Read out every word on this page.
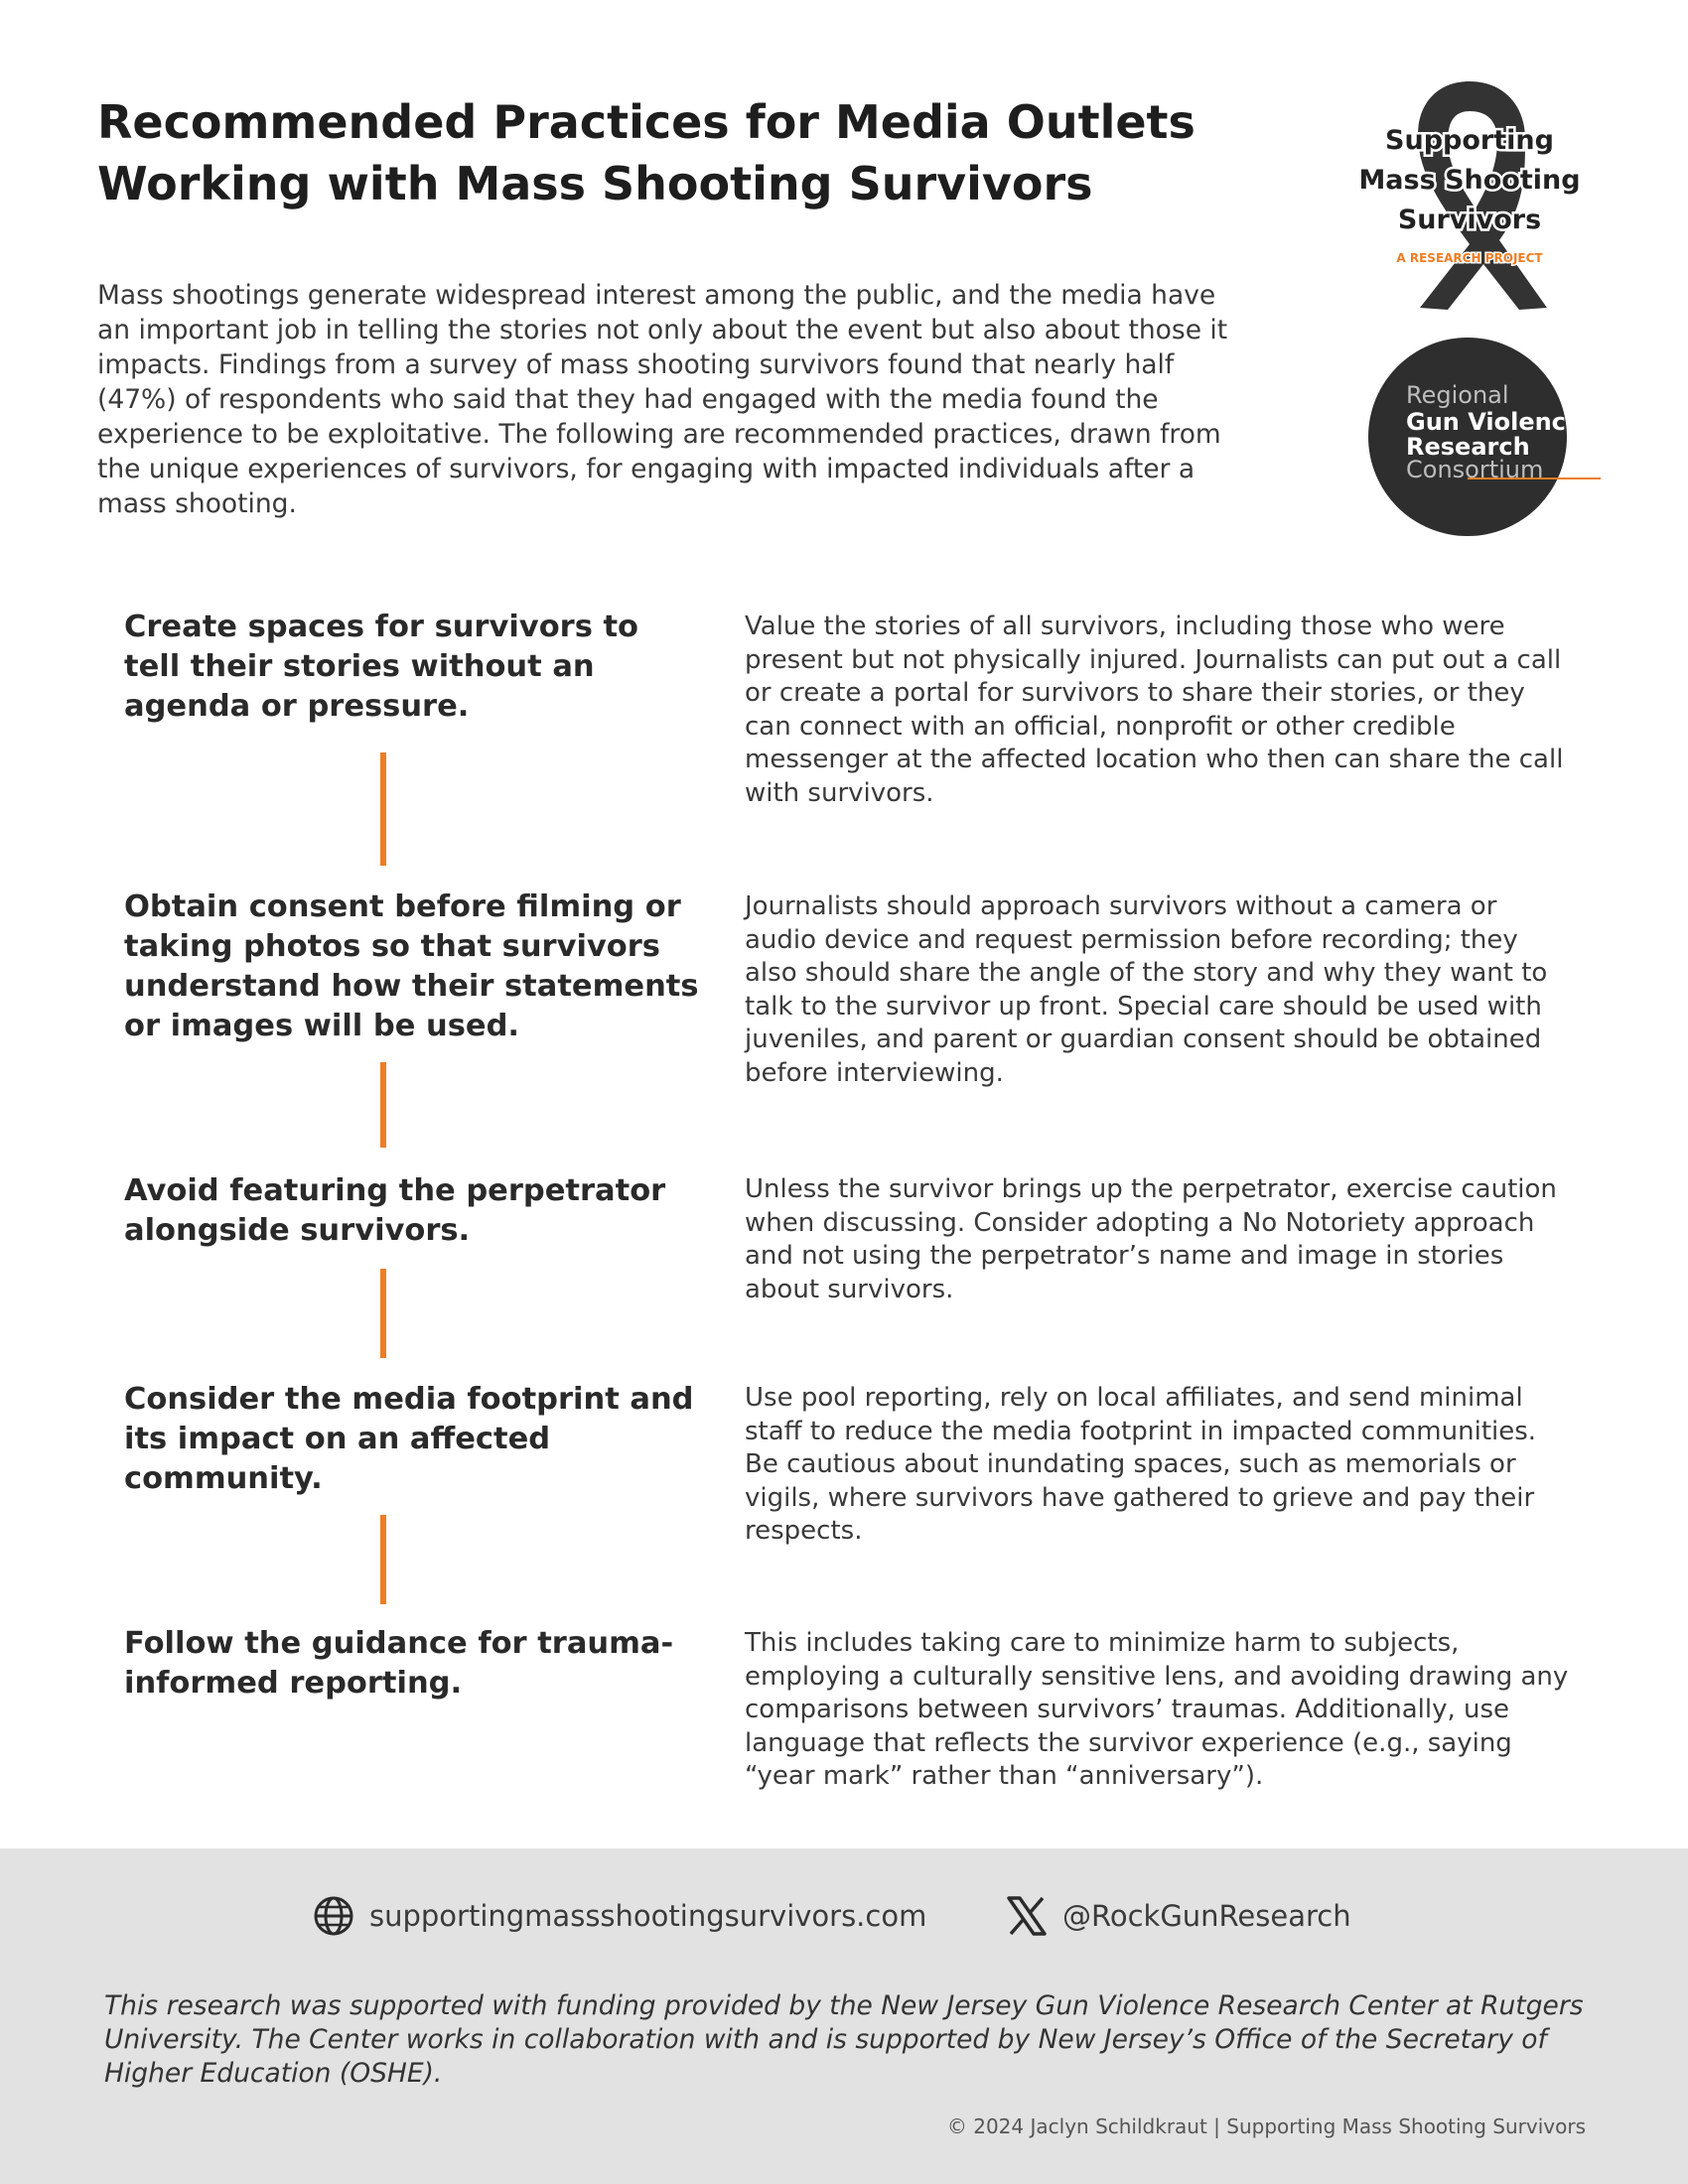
Recommended Practices for Media Outlets
Working with Mass Shooting Survivors

Mass shootings generate widespread interest among the public, and the media have an important job in telling the stories not only about the event but also about those it impacts. Findings from a survey of mass shooting survivors found that nearly half (47%) of respondents who said that they had engaged with the media found the experience to be exploitative. The following are recommended practices, drawn from the unique experiences of survivors, for engaging with impacted individuals after a mass shooting.

Supporting
Mass Shooting
Survivors
A RESEARCH PROJECT
Regional
Gun Violence
Research
Consortium
Create spaces for survivors to tell their stories without an agenda or pressure.

Value the stories of all survivors, including those who were present but not physically injured. Journalists can put out a call or create a portal for survivors to share their stories, or they can connect with an official, nonprofit or other credible messenger at the affected location who then can share the call with survivors.

Obtain consent before filming or taking photos so that survivors understand how their statements or images will be used.

Journalists should approach survivors without a camera or audio device and request permission before recording; they also should share the angle of the story and why they want to talk to the survivor up front. Special care should be used with juveniles, and parent or guardian consent should be obtained before interviewing.

Avoid featuring the perpetrator alongside survivors.

Unless the survivor brings up the perpetrator, exercise caution when discussing. Consider adopting a No Notoriety approach and not using the perpetrator’s name and image in stories about survivors.

Consider the media footprint and its impact on an affected community.

Use pool reporting, rely on local affiliates, and send minimal staff to reduce the media footprint in impacted communities. Be cautious about inundating spaces, such as memorials or vigils, where survivors have gathered to grieve and pay their respects.

Follow the guidance for trauma-informed reporting.

This includes taking care to minimize harm to subjects, employing a culturally sensitive lens, and avoiding drawing any comparisons between survivors’ traumas. Additionally, use language that reflects the survivor experience (e.g., saying “year mark” rather than “anniversary”).

supportingmassshootingsurvivors.com	@RockGunResearch

This research was supported with funding provided by the New Jersey Gun Violence Research Center at Rutgers University. The Center works in collaboration with and is supported by New Jersey’s Office of the Secretary of Higher Education (OSHE).

© 2024 Jaclyn Schildkraut | Supporting Mass Shooting Survivors
